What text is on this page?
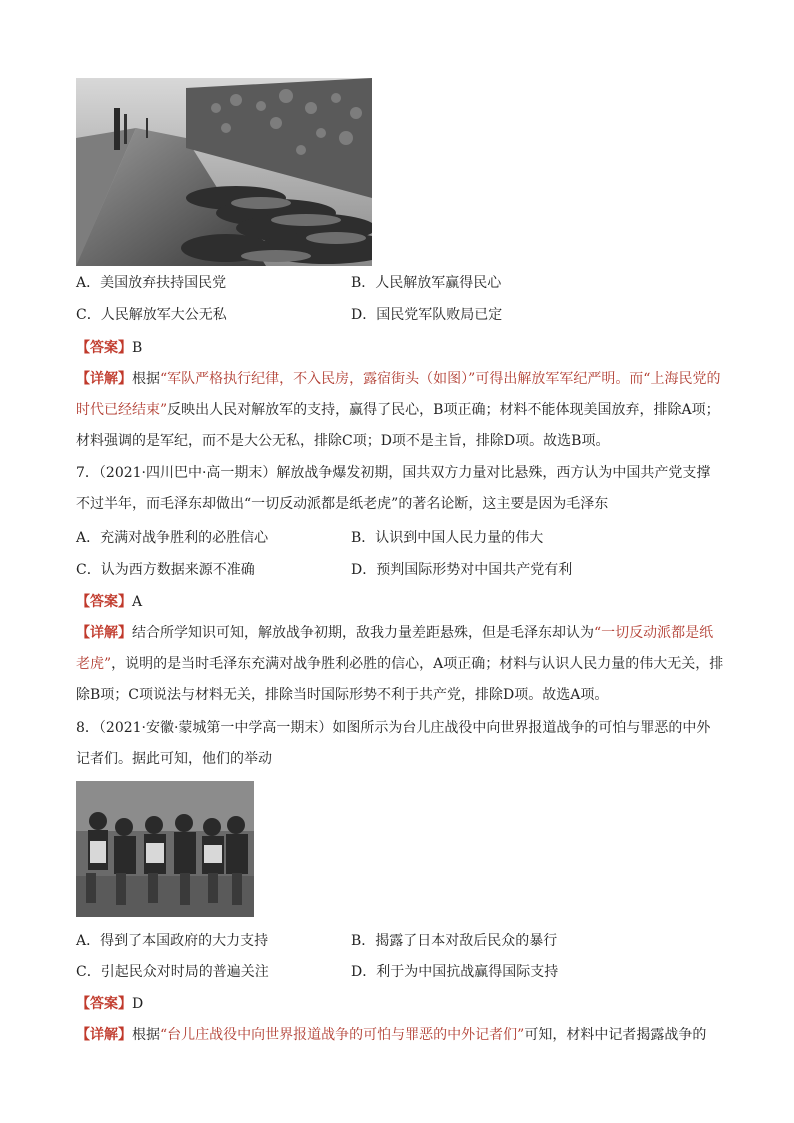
A．美国放弃扶持国民党	B．人民解放军赢得民心
C．人民解放军大公无私	D．国民党军队败局已定
【答案】B
【详解】根据“军队严格执行纪律，不入民房，露宿街头（如图）”可得出解放军军纪严明。而“上海民党的时代已经结束”反映出人民对解放军的支持，赢得了民心，B项正确；材料不能体现美国放弃，排除A项；材料强调的是军纪，而不是大公无私，排除C项；D项不是主旨，排除D项。故选B项。
7．（2021·四川巴中·高一期末）解放战争爆发初期，国共双方力量对比悬殊，西方认为中国共产党支撑不过半年，而毛泽东却做出“一切反动派都是纸老虎”的著名论断，这主要是因为毛泽东
A．充满对战争胜利的必胜信心	B．认识到中国人民力量的伟大
C．认为西方数据来源不准确	D．预判国际形势对中国共产党有利
【答案】A
【详解】结合所学知识可知，解放战争初期，敌我力量差距悬殊，但是毛泽东却认为“一切反动派都是纸老虎”，说明的是当时毛泽东充满对战争胜利必胜的信心，A项正确；材料与认识人民力量的伟大无关，排除B项；C项说法与材料无关，排除当时国际形势不利于共产党，排除D项。故选A项。
8．（2021·安徽·蒙城第一中学高一期末）如图所示为台儿庄战役中向世界报道战争的可怕与罪恶的中外记者们。据此可知，他们的举动
A．得到了本国政府的大力支持	B．揭露了日本对敌后民众的暴行
C．引起民众对时局的普遍关注	D．利于为中国抗战赢得国际支持
【答案】D
【详解】根据“台儿庄战役中向世界报道战争的可怕与罪恶的中外记者们”可知，材料中记者揭露战争的
